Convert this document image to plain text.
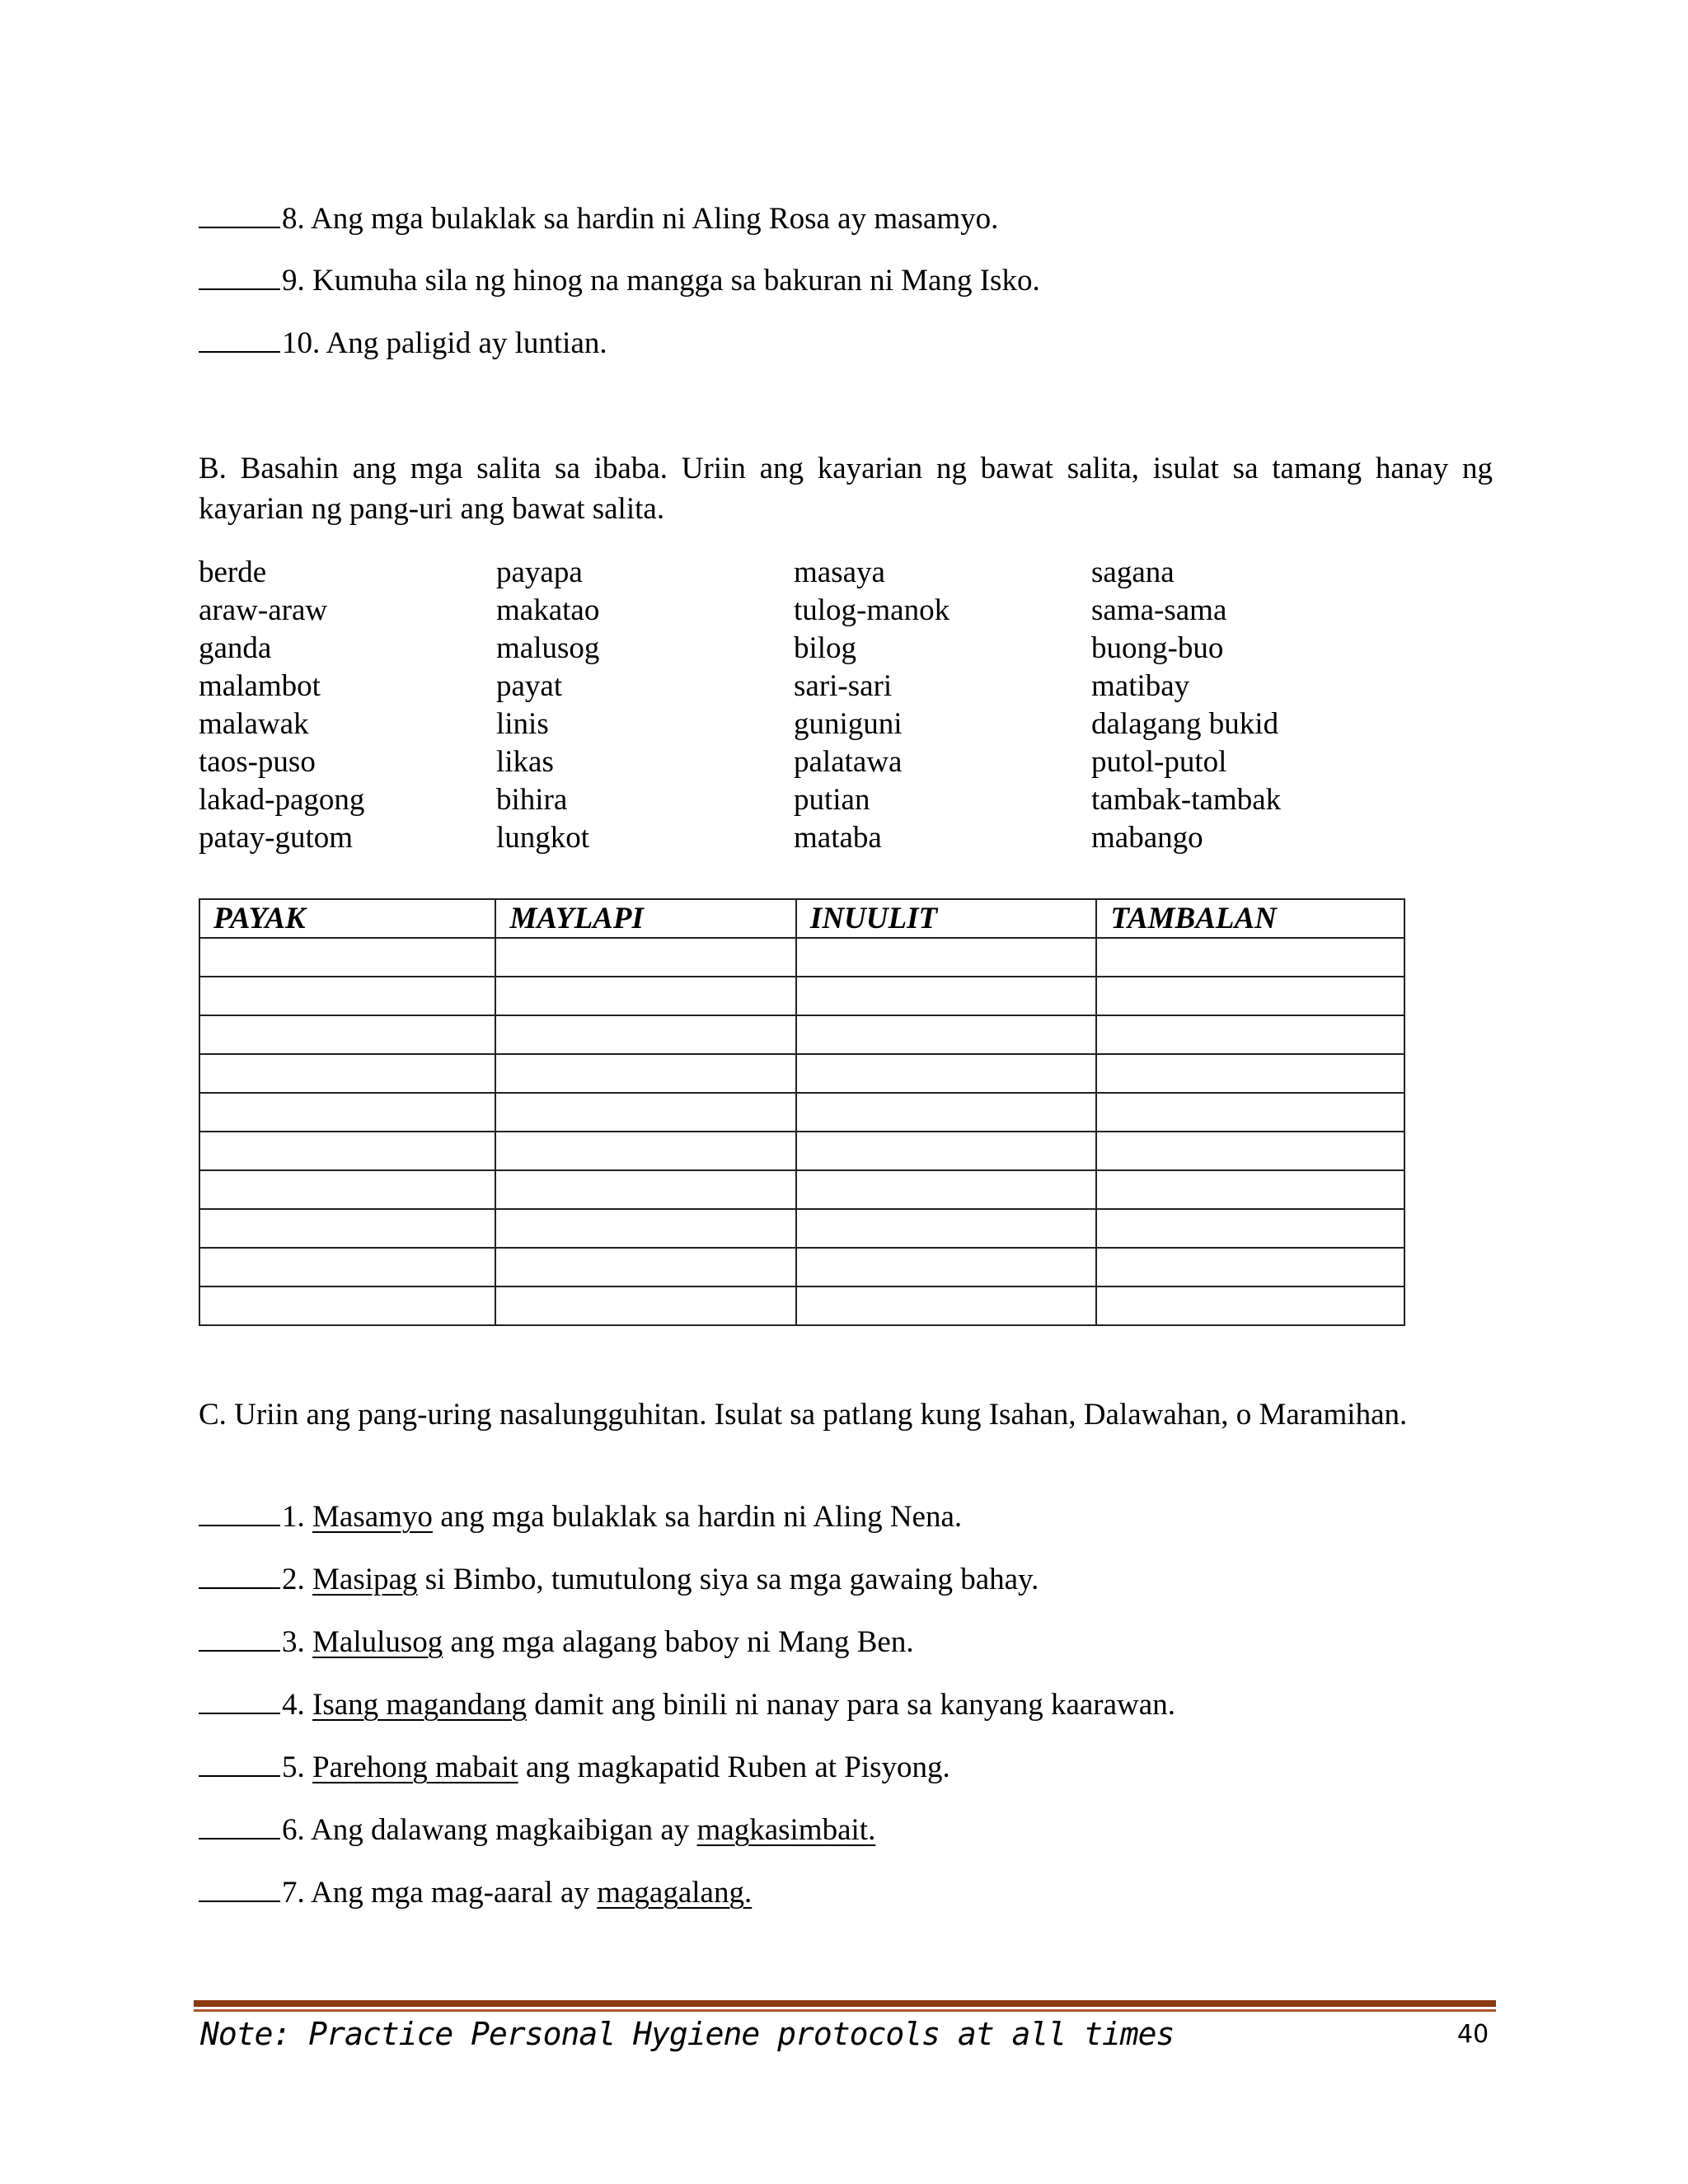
8. Ang mga bulaklak sa hardin ni Aling Rosa ay masamyo.
9. Kumuha sila ng hinog na mangga sa bakuran ni Mang Isko.
10. Ang paligid ay luntian.
B. Basahin ang mga salita sa ibaba. Uriin ang kayarian ng bawat salita, isulat sa tamang hanay ng kayarian ng pang-uri ang bawat salita.
berde	payapa	masaya	sagana
araw-araw	makatao	tulog-manok	sama-sama
ganda	malusog	bilog	buong-buo
malambot	payat	sari-sari	matibay
malawak	linis	guniguni	dalagang bukid
taos-puso	likas	palatawa	putol-putol
lakad-pagong	bihira	putian	tambak-tambak
patay-gutom	lungkot	mataba	mabango
PAYAK	MAYLAPI	INUULIT	TAMBALAN

C. Uriin ang pang-uring nasalungguhitan. Isulat sa patlang kung Isahan, Dalawahan, o Maramihan.
1. Masamyo ang mga bulaklak sa hardin ni Aling Nena.
2. Masipag si Bimbo, tumutulong siya sa mga gawaing bahay.
3. Malulusog ang mga alagang baboy ni Mang Ben.
4. Isang magandang damit ang binili ni nanay para sa kanyang kaarawan.
5. Parehong mabait ang magkapatid Ruben at Pisyong.
6. Ang dalawang magkaibigan ay magkasimbait.
7. Ang mga mag-aaral ay magagalang.
Note: Practice Personal Hygiene protocols at all times	40
